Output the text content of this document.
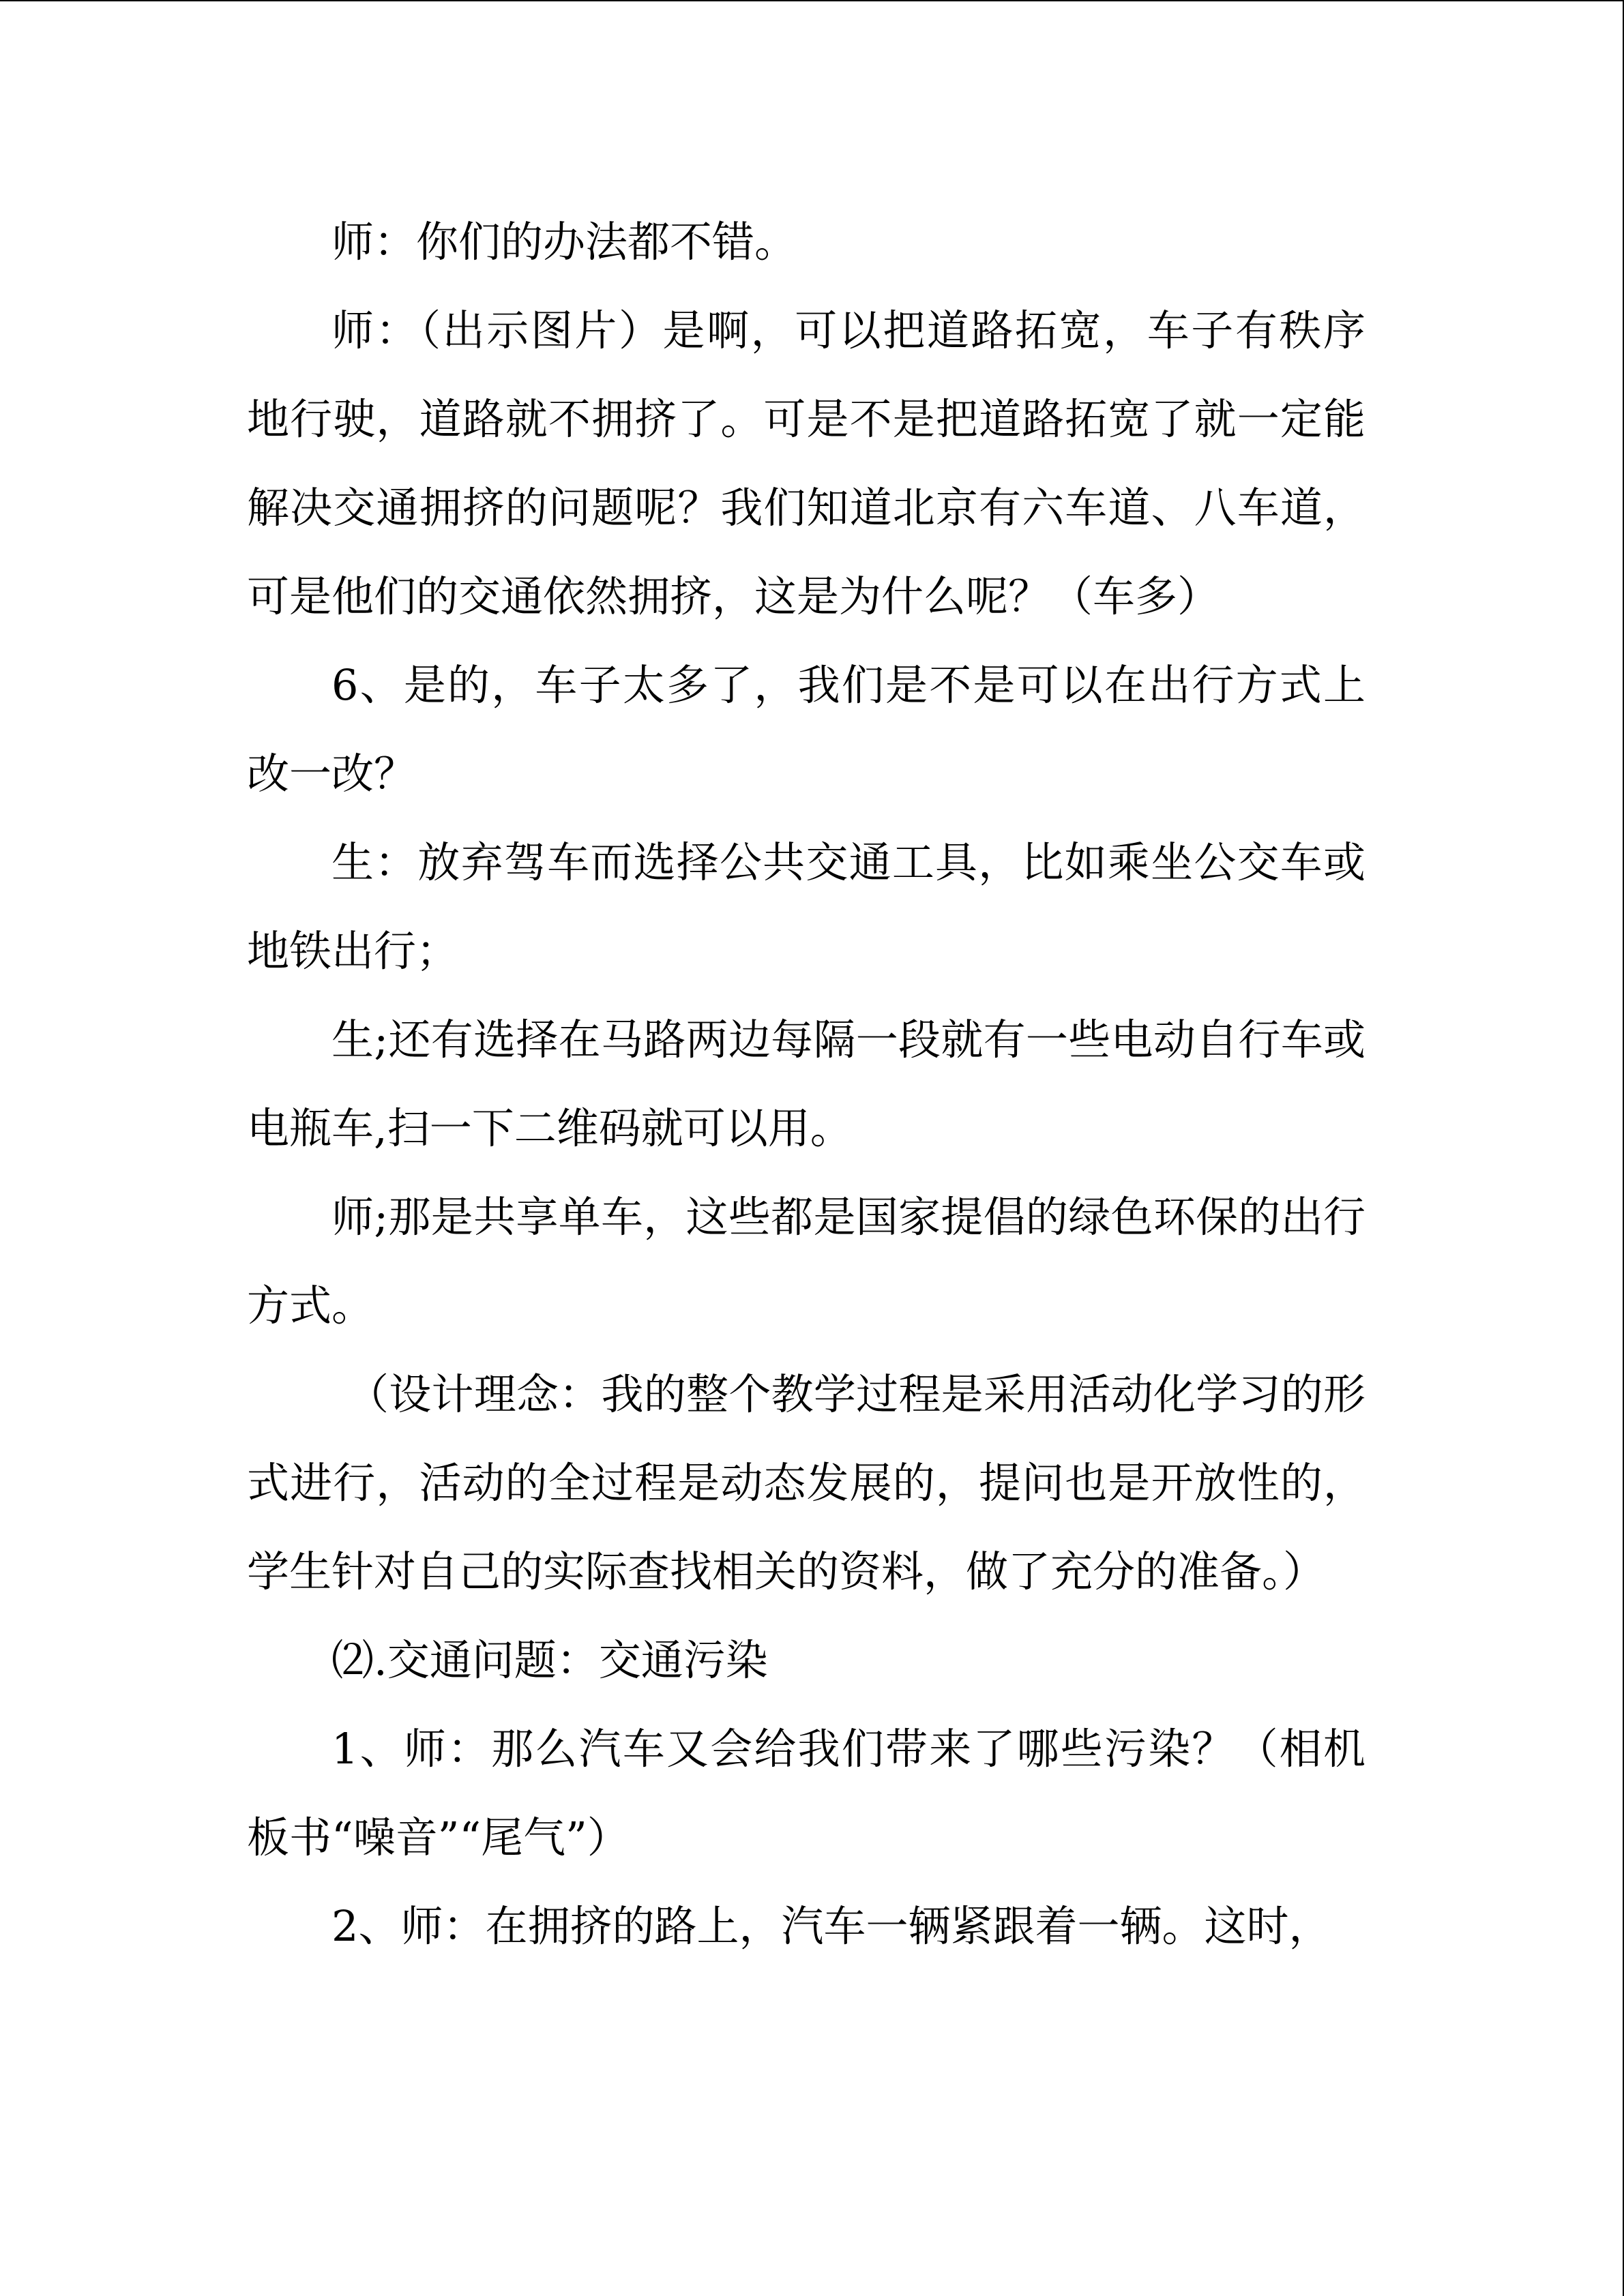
师：你们的办法都不错。

师：（出示图片）是啊，可以把道路拓宽，车子有秩序地行驶，道路就不拥挤了。可是不是把道路拓宽了就一定能解决交通拥挤的问题呢？我们知道北京有六车道、八车道，可是他们的交通依然拥挤，这是为什么呢？（车多）

6、是的，车子太多了，我们是不是可以在出行方式上改一改？

生：放弃驾车而选择公共交通工具，比如乘坐公交车或地铁出行；

生;还有选择在马路两边每隔一段就有一些电动自行车或电瓶车,扫一下二维码就可以用。

师;那是共享单车，这些都是国家提倡的绿色环保的出行方式。

（设计理念：我的整个教学过程是采用活动化学习的形式进行，活动的全过程是动态发展的，提问也是开放性的，学生针对自己的实际查找相关的资料，做了充分的准备。）

⑵.交通问题：交通污染

1、师：那么汽车又会给我们带来了哪些污染？（相机板书“噪音”“尾气”）

2、师：在拥挤的路上，汽车一辆紧跟着一辆。这时，
